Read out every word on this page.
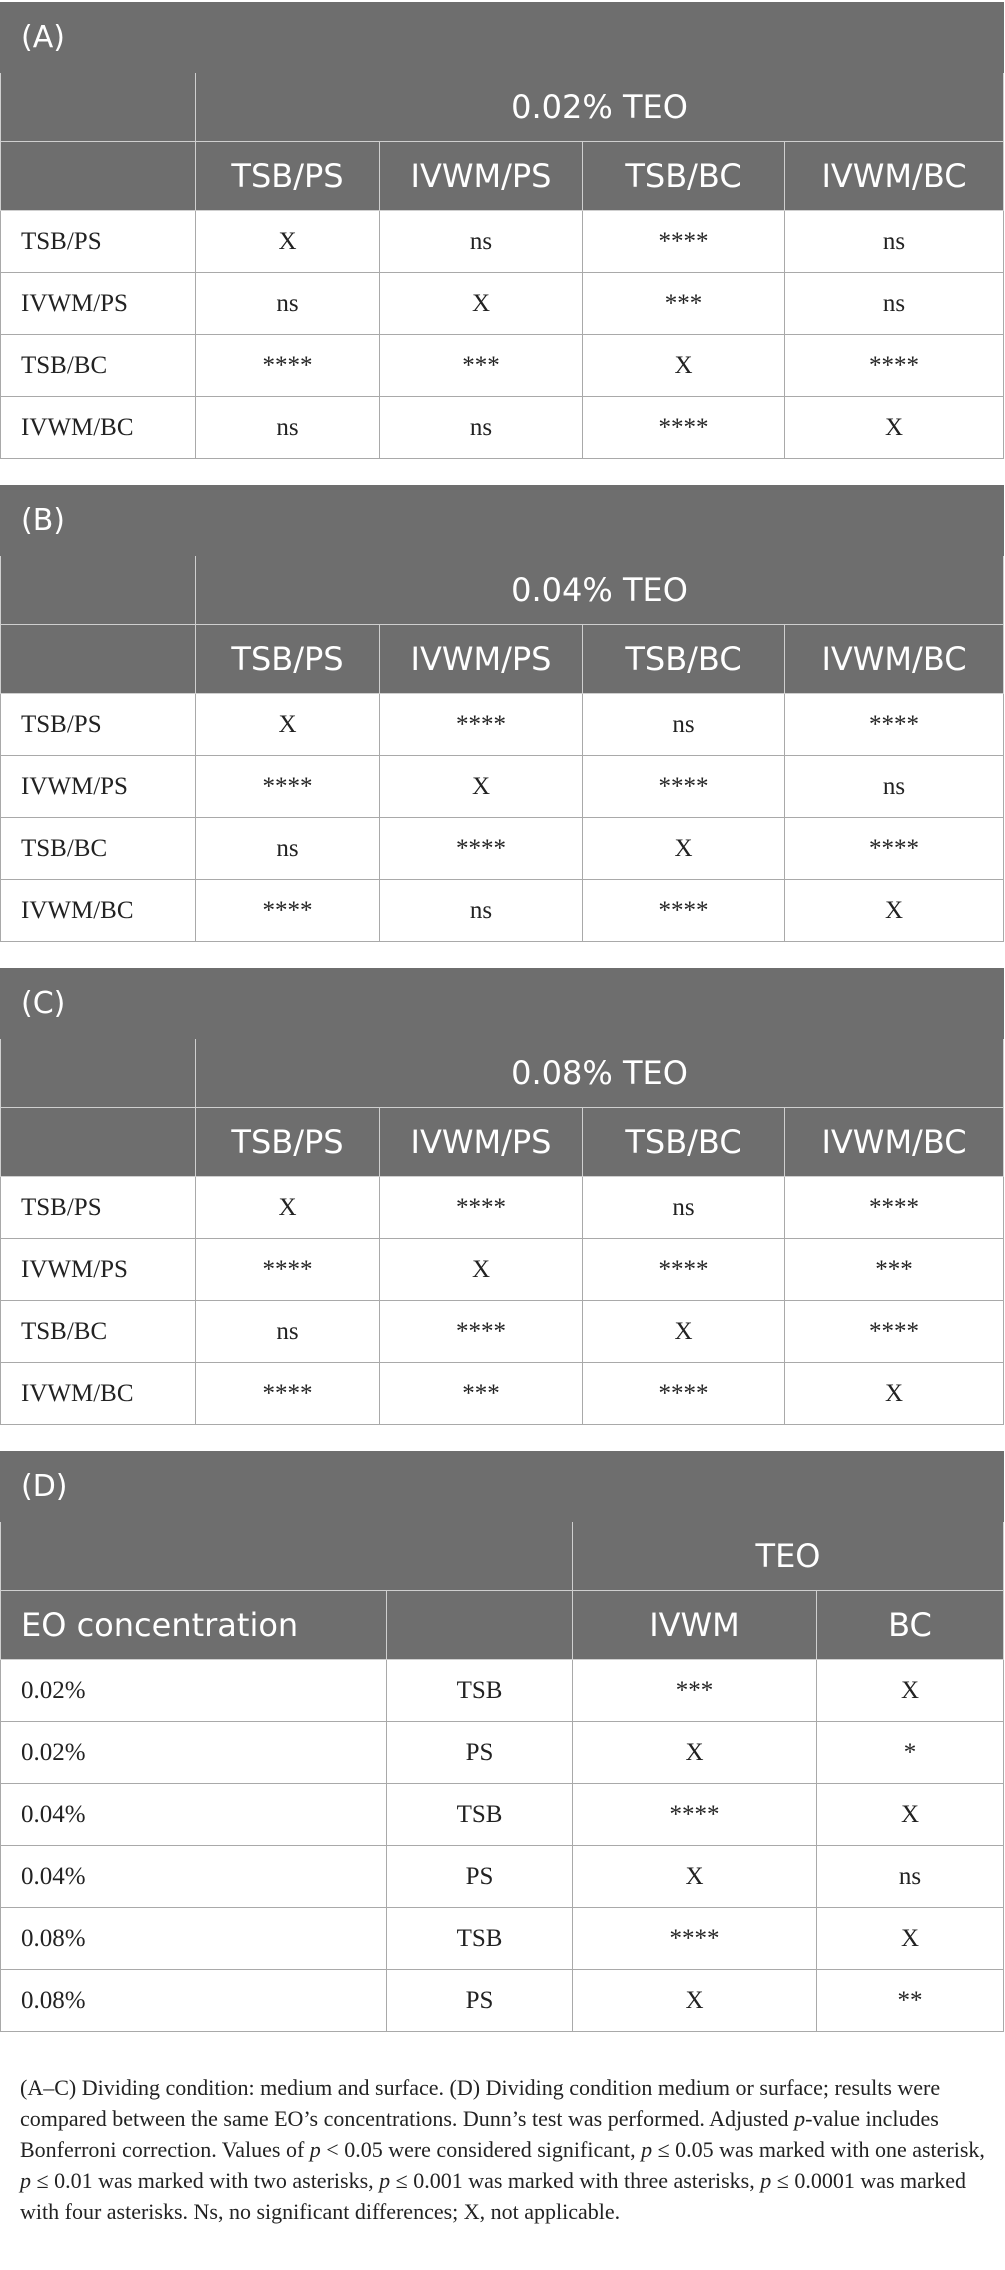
(A)				
	0.02% TEO			
	TSB/PS	IVWM/PS	TSB/BC	IVWM/BC
TSB/PS	X	ns	****	ns
IVWM/PS	ns	X	***	ns
TSB/BC	****	***	X	****
IVWM/BC	ns	ns	****	X
(B)				
	0.04% TEO			
	TSB/PS	IVWM/PS	TSB/BC	IVWM/BC
TSB/PS	X	****	ns	****
IVWM/PS	****	X	****	ns
TSB/BC	ns	****	X	****
IVWM/BC	****	ns	****	X
(C)				
	0.08% TEO			
	TSB/PS	IVWM/PS	TSB/BC	IVWM/BC
TSB/PS	X	****	ns	****
IVWM/PS	****	X	****	***
TSB/BC	ns	****	X	****
IVWM/BC	****	***	****	X
(D)			
		TEO	
EO concentration		IVWM	BC
0.02%	TSB	***	X
0.02%	PS	X	*
0.04%	TSB	****	X
0.04%	PS	X	ns
0.08%	TSB	****	X
0.08%	PS	X	**
(A–C) Dividing condition: medium and surface. (D) Dividing condition medium or surface; results were compared between the same EO’s concentrations. Dunn’s test was performed. Adjusted p-value includes Bonferroni correction. Values of p < 0.05 were considered significant, p ≤ 0.05 was marked with one asterisk, p ≤ 0.01 was marked with two asterisks, p ≤ 0.001 was marked with three asterisks, p ≤ 0.0001 was marked with four asterisks. Ns, no significant differences; X, not applicable.
